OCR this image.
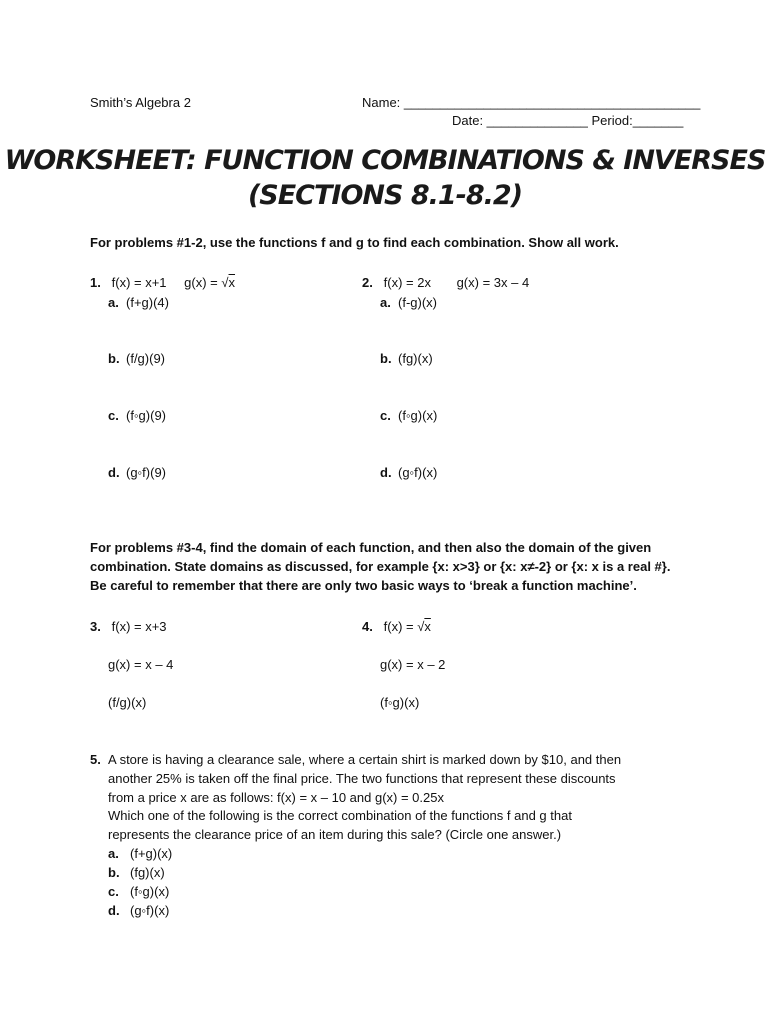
Smith’s Algebra 2	Name: _________________________________________
Date: ______________ Period:_______
WORKSHEET: FUNCTION COMBINATIONS & INVERSES
(SECTIONS 8.1-8.2)
For problems #1-2, use the functions f and g to find each combination. Show all work.
1. f(x) = x+1 g(x) = √x
a. (f+g)(4)
b. (f/g)(9)
c. (f◦g)(9)
d. (g◦f)(9)
2. f(x) = 2x g(x) = 3x – 4
a. (f-g)(x)
b. (fg)(x)
c. (f◦g)(x)
d. (g◦f)(x)
For problems #3-4, find the domain of each function, and then also the domain of the given
combination. State domains as discussed, for example {x: x>3} or {x: x≠-2} or {x: x is a real #}.
Be careful to remember that there are only two basic ways to ‘break a function machine’.
3. f(x) = x+3
g(x) = x – 4
(f/g)(x)
4. f(x) = √x
g(x) = x – 2
(f◦g)(x)
5. A store is having a clearance sale, where a certain shirt is marked down by $10, and then
another 25% is taken off the final price. The two functions that represent these discounts
from a price x are as follows: f(x) = x – 10 and g(x) = 0.25x
Which one of the following is the correct combination of the functions f and g that
represents the clearance price of an item during this sale? (Circle one answer.)
a. (f+g)(x)
b. (fg)(x)
c. (f◦g)(x)
d. (g◦f)(x)
